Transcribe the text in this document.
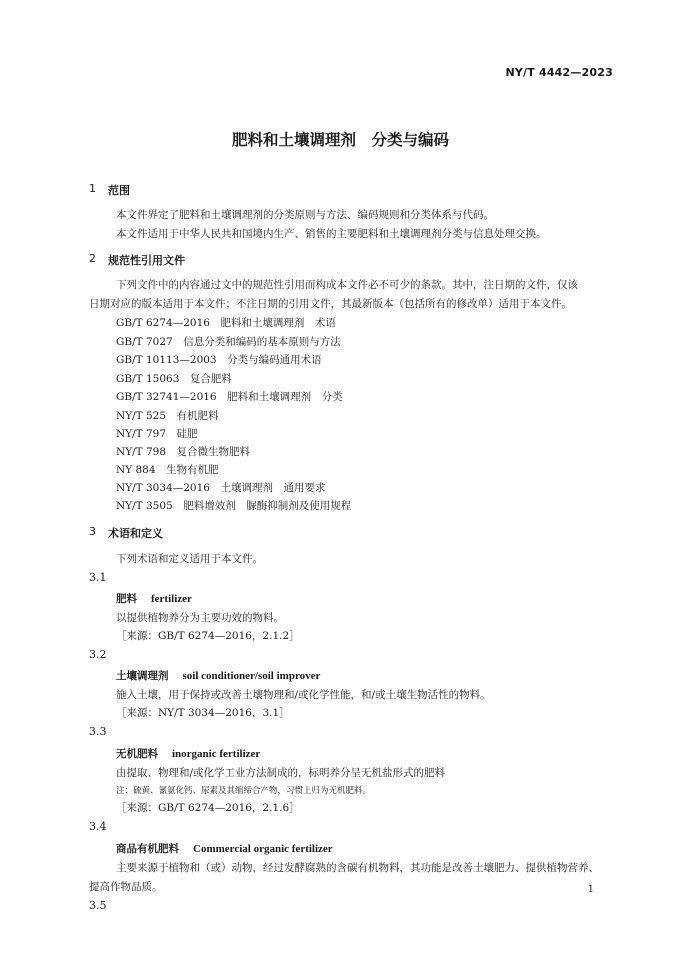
NY/T 4442—2023
肥料和土壤调理剂　分类与编码
1 范围
本文件界定了肥料和土壤调理剂的分类原则与方法、编码规则和分类体系与代码。
本文件适用于中华人民共和国境内生产、销售的主要肥料和土壤调理剂分类与信息处理交换。
2 规范性引用文件
下列文件中的内容通过文中的规范性引用而构成本文件必不可少的条款。其中，注日期的文件，仅该
日期对应的版本适用于本文件；不注日期的引用文件，其最新版本（包括所有的修改单）适用于本文件。
GB/T 6274—2016　肥料和土壤调理剂　术语
GB/T 7027　信息分类和编码的基本原则与方法
GB/T 10113—2003　分类与编码通用术语
GB/T 15063　复合肥料
GB/T 32741—2016　肥料和土壤调理剂　分类
NY/T 525　有机肥料
NY/T 797　硅肥
NY/T 798　复合微生物肥料
NY 884　生物有机肥
NY/T 3034—2016　土壤调理剂　通用要求
NY/T 3505　肥料增效剂　脲酶抑制剂及使用规程
3 术语和定义
下列术语和定义适用于本文件。
3.1
肥料 fertilizer
以提供植物养分为主要功效的物料。
［来源：GB/T 6274—2016，2.1.2］
3.2
土壤调理剂 soil conditioner/soil improver
施入土壤，用于保持或改善土壤物理和/或化学性能，和/或土壤生物活性的物料。
［来源：NY/T 3034—2016，3.1］
3.3
无机肥料 inorganic fertilizer
由提取、物理和/或化学工业方法制成的，标明养分呈无机盐形式的肥料
注：硫黄、氰氨化钙、尿素及其缩缔合产物，习惯上归为无机肥料。
［来源：GB/T 6274—2016，2.1.6］
3.4
商品有机肥料 Commercial organic fertilizer
主要来源于植物和（或）动物，经过发酵腐熟的含碳有机物料，其功能是改善土壤肥力、提供植物营养、
提高作物品质。
3.5
1
